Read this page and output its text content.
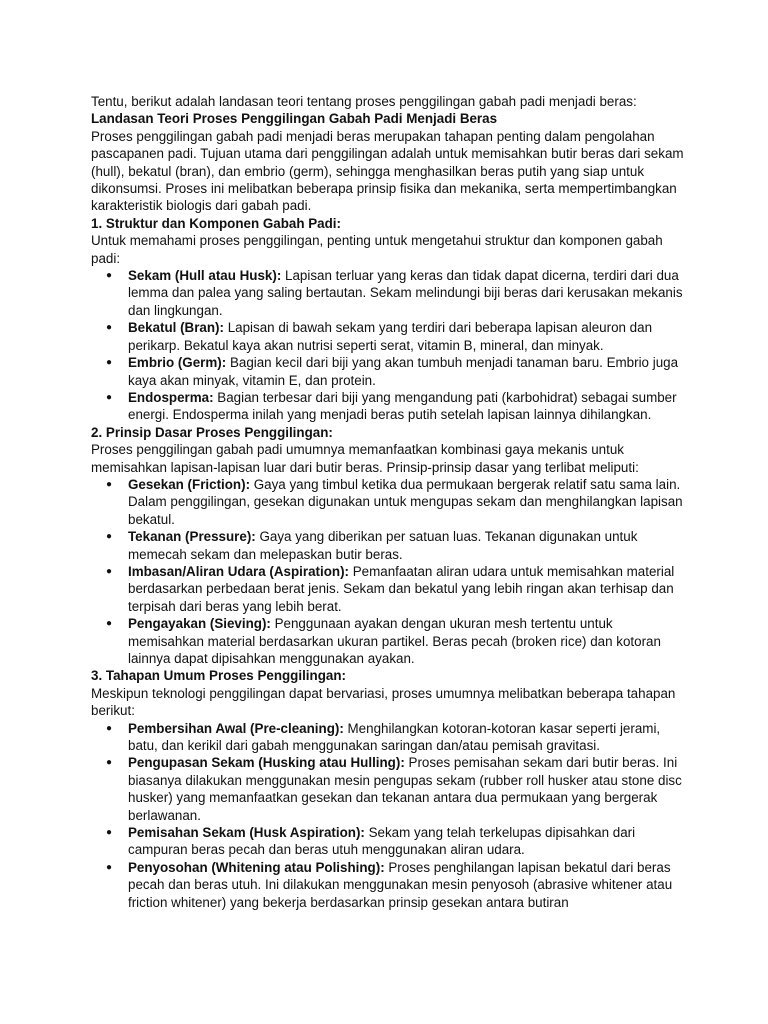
Tentu, berikut adalah landasan teori tentang proses penggilingan gabah padi menjadi beras:

Landasan Teori Proses Penggilingan Gabah Padi Menjadi Beras

Proses penggilingan gabah padi menjadi beras merupakan tahapan penting dalam pengolahan pascapanen padi. Tujuan utama dari penggilingan adalah untuk memisahkan butir beras dari sekam (hull), bekatul (bran), dan embrio (germ), sehingga menghasilkan beras putih yang siap untuk dikonsumsi. Proses ini melibatkan beberapa prinsip fisika dan mekanika, serta mempertimbangkan karakteristik biologis dari gabah padi.

1. Struktur dan Komponen Gabah Padi:

Untuk memahami proses penggilingan, penting untuk mengetahui struktur dan komponen gabah padi:

● Sekam (Hull atau Husk): Lapisan terluar yang keras dan tidak dapat dicerna, terdiri dari dua lemma dan palea yang saling bertautan. Sekam melindungi biji beras dari kerusakan mekanis dan lingkungan.
● Bekatul (Bran): Lapisan di bawah sekam yang terdiri dari beberapa lapisan aleuron dan perikarp. Bekatul kaya akan nutrisi seperti serat, vitamin B, mineral, dan minyak.
● Embrio (Germ): Bagian kecil dari biji yang akan tumbuh menjadi tanaman baru. Embrio juga kaya akan minyak, vitamin E, dan protein.
● Endosperma: Bagian terbesar dari biji yang mengandung pati (karbohidrat) sebagai sumber energi. Endosperma inilah yang menjadi beras putih setelah lapisan lainnya dihilangkan.

2. Prinsip Dasar Proses Penggilingan:

Proses penggilingan gabah padi umumnya memanfaatkan kombinasi gaya mekanis untuk memisahkan lapisan-lapisan luar dari butir beras. Prinsip-prinsip dasar yang terlibat meliputi:

● Gesekan (Friction): Gaya yang timbul ketika dua permukaan bergerak relatif satu sama lain. Dalam penggilingan, gesekan digunakan untuk mengupas sekam dan menghilangkan lapisan bekatul.
● Tekanan (Pressure): Gaya yang diberikan per satuan luas. Tekanan digunakan untuk memecah sekam dan melepaskan butir beras.
● Imbasan/Aliran Udara (Aspiration): Pemanfaatan aliran udara untuk memisahkan material berdasarkan perbedaan berat jenis. Sekam dan bekatul yang lebih ringan akan terhisap dan terpisah dari beras yang lebih berat.
● Pengayakan (Sieving): Penggunaan ayakan dengan ukuran mesh tertentu untuk memisahkan material berdasarkan ukuran partikel. Beras pecah (broken rice) dan kotoran lainnya dapat dipisahkan menggunakan ayakan.

3. Tahapan Umum Proses Penggilingan:

Meskipun teknologi penggilingan dapat bervariasi, proses umumnya melibatkan beberapa tahapan berikut:

● Pembersihan Awal (Pre-cleaning): Menghilangkan kotoran-kotoran kasar seperti jerami, batu, dan kerikil dari gabah menggunakan saringan dan/atau pemisah gravitasi.
● Pengupasan Sekam (Husking atau Hulling): Proses pemisahan sekam dari butir beras. Ini biasanya dilakukan menggunakan mesin pengupas sekam (rubber roll husker atau stone disc husker) yang memanfaatkan gesekan dan tekanan antara dua permukaan yang bergerak berlawanan.
● Pemisahan Sekam (Husk Aspiration): Sekam yang telah terkelupas dipisahkan dari campuran beras pecah dan beras utuh menggunakan aliran udara.
● Penyosohan (Whitening atau Polishing): Proses penghilangan lapisan bekatul dari beras pecah dan beras utuh. Ini dilakukan menggunakan mesin penyosoh (abrasive whitener atau friction whitener) yang bekerja berdasarkan prinsip gesekan antara butiran
